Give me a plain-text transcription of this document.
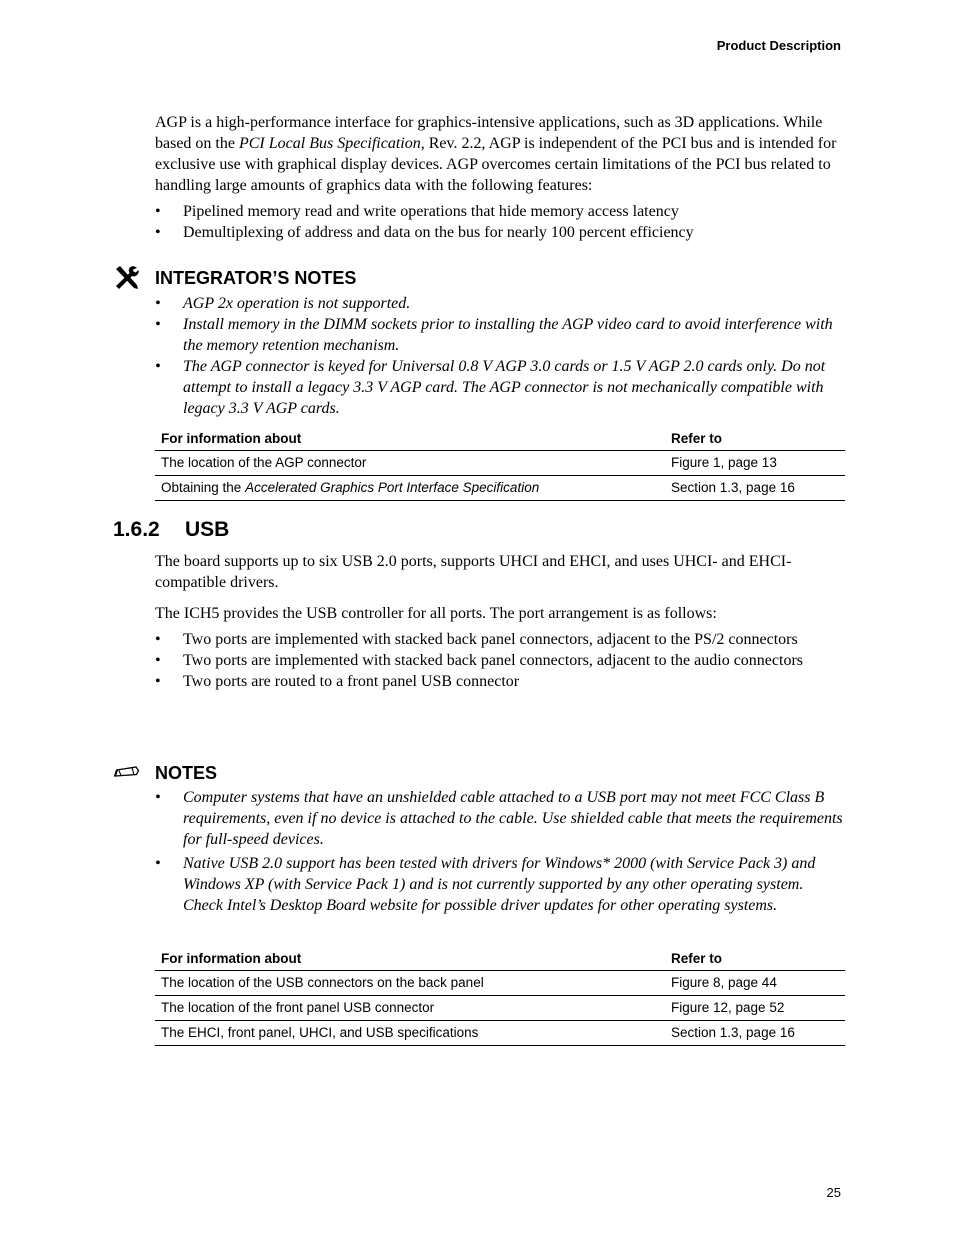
Product Description

AGP is a high-performance interface for graphics-intensive applications, such as 3D applications. While based on the PCI Local Bus Specification, Rev. 2.2, AGP is independent of the PCI bus and is intended for exclusive use with graphical display devices. AGP overcomes certain limitations of the PCI bus related to handling large amounts of graphics data with the following features:

• Pipelined memory read and write operations that hide memory access latency
• Demultiplexing of address and data on the bus for nearly 100 percent efficiency
INTEGRATOR’S NOTES
• AGP 2x operation is not supported.
• Install memory in the DIMM sockets prior to installing the AGP video card to avoid interference with the memory retention mechanism.
• The AGP connector is keyed for Universal 0.8 V AGP 3.0 cards or 1.5 V AGP 2.0 cards only. Do not attempt to install a legacy 3.3 V AGP card. The AGP connector is not mechanically compatible with legacy 3.3 V AGP cards.
For information about	Refer to
The location of the AGP connector	Figure 1, page 13
Obtaining the Accelerated Graphics Port Interface Specification	Section 1.3, page 16
1.6.2 USB

The board supports up to six USB 2.0 ports, supports UHCI and EHCI, and uses UHCI- and EHCI-compatible drivers.

The ICH5 provides the USB controller for all ports. The port arrangement is as follows:

• Two ports are implemented with stacked back panel connectors, adjacent to the PS/2 connectors
• Two ports are implemented with stacked back panel connectors, adjacent to the audio connectors
• Two ports are routed to a front panel USB connector
NOTES
• Computer systems that have an unshielded cable attached to a USB port may not meet FCC Class B requirements, even if no device is attached to the cable. Use shielded cable that meets the requirements for full-speed devices.
• Native USB 2.0 support has been tested with drivers for Windows* 2000 (with Service Pack 3) and Windows XP (with Service Pack 1) and is not currently supported by any other operating system. Check Intel’s Desktop Board website for possible driver updates for other operating systems.
For information about	Refer to
The location of the USB connectors on the back panel	Figure 8, page 44
The location of the front panel USB connector	Figure 12, page 52
The EHCI, front panel, UHCI, and USB specifications	Section 1.3, page 16
25
